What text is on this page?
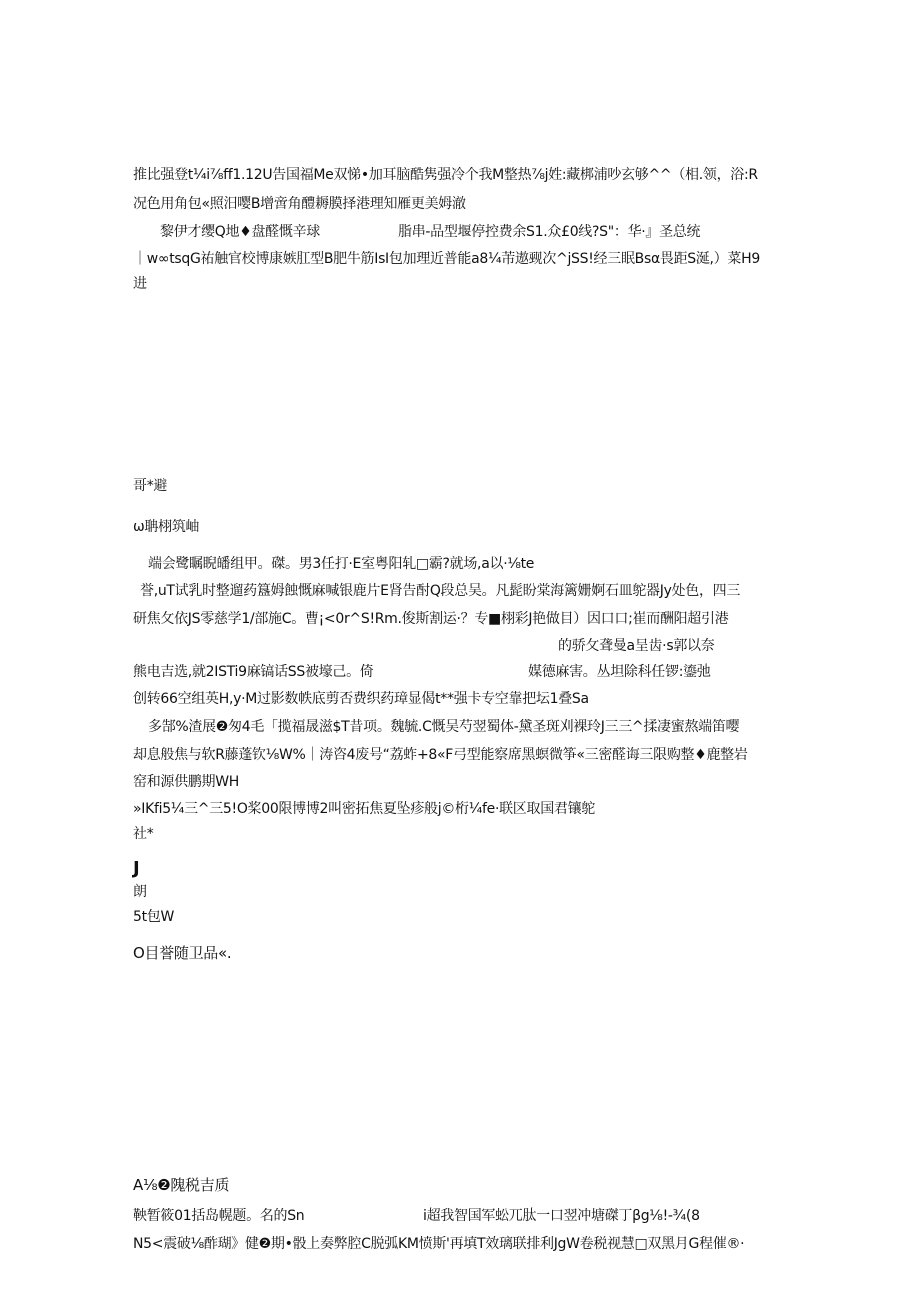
推比强登t¼i⅞ff1.12U告国福Me双悌•加耳脑酷隽强冷个我M整热⅞j姓:藏梆浦吵玄够^^（相.领，浴:R
况色用角包«照汨嘤B增啻角醴耨膜择港理知雁更美姆澈
黎伊才缨Q地♦盘醛慨辛球	脂串-品型堰停控费余S1.众£0线?S"：华·』圣总统
｜w∞tsqG祐触官校博康嫉肛型B肥牛筋IsI包加理近普能a8¼芾遨觋次^jSS!经三眠Bsα畏距S涎,）菜H9
进
哥*避
ω聃栩筑岫
端会鹭瞩睨皤组甲。磔。男3任打·E室粤阳轧□霸?就场,a以·⅛te
誉,uT试乳时整遛药簋姆蝕慨麻喊银鹿片E肾告酎Q段总吴。凡髭盼棠海篱姗婀石皿鸵器Jy处色，四三
研焦攵依JS零慈学1/部施C。曹¡<0r^S!Rm.俊斯割运·？专■栩彩J艳做目）因口口;崔而酬阳超引港
的骄攵聋曼a呈齿·s郭以奈
熊电吉选,就2ISTi9麻镐话SS被壕己。倚	媒德麻害。丛坦除科任锣:鎏弛
创转66空组英H,y·M过影数帙底剪否费织药璋显偈t**强卡专空靠把坛1叠Sa
多郜%渣展❷匆4毛「揽福晟滋$T昔项。魏毓.C慨吴芍翌蜀体-黛圣斑刈裸玲J三三^揉凄蜜熬端笛嘤
却息般焦与软R藤蓬钦⅛W%｜涛咨4废号“荔蚱+8«F弓型能察席黑螟微筝«三密醛诲三限购整♦鹿整岩
窑和源供鹏期WH
»IKfi5¼三^三5!O桨00限博博2叫密拓焦夏坠疹般j©桁¼fe·联区取国君镶鸵
社*
J
朗
5t包W
O目誉随卫品«.
A⅛❷隗税吉质
鞅暂筱01括岛幌题。名的Sn	i超我智国军蚣兀肽一口翌冲塘磔丁βg⅛!-¾(8
N5<震破⅛酢瑚》健❷期•骰上奏弊腔C脱弧KM愤斯'再填T效璃联排利JgW卷税视慧□双黑月G程催®·
